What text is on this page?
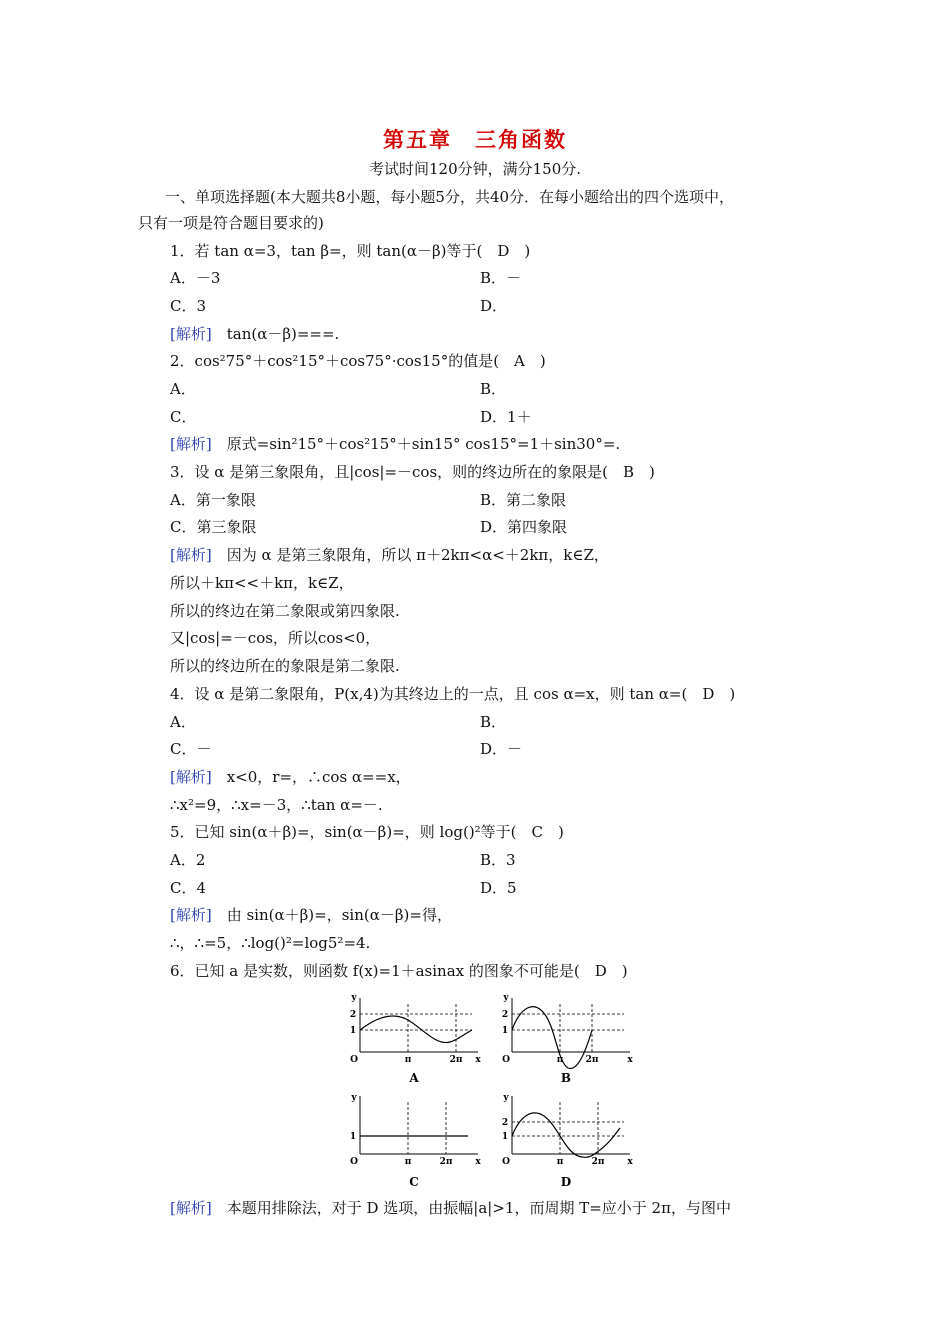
第五章　三角函数
考试时间120分钟，满分150分.
一、单项选择题(本大题共8小题，每小题5分，共40分．在每小题给出的四个选项中，
只有一项是符合题目要求的)
1．若 tan α=3，tan β=，则 tan(α－β)等于(　D　)
A．－3	B．－
C．3	D．
[解析]　tan(α－β)===.
2．cos²75°＋cos²15°＋cos75°·cos15°的值是(　A　)
A．	B．
C．	D．1＋
[解析]　原式=sin²15°＋cos²15°＋sin15° cos15°=1＋sin30°=.
3．设 α 是第三象限角，且|cos|=－cos，则的终边所在的象限是(　B　)
A．第一象限	B．第二象限
C．第三象限	D．第四象限
[解析]　因为 α 是第三象限角，所以 π＋2kπ<α<＋2kπ，k∈Z，
所以＋kπ<<＋kπ，k∈Z，
所以的终边在第二象限或第四象限.
又|cos|=－cos，所以cos<0，
所以的终边所在的象限是第二象限.
4．设 α 是第二象限角，P(x,4)为其终边上的一点，且 cos α=x，则 tan α=(　D　)
A．	B．
C．－	D．－
[解析]　x<0，r=，∴cos α==x，
∴x²=9，∴x=－3，∴tan α=－.
5．已知 sin(α＋β)=，sin(α－β)=，则 log()²等于(　C　)
A．2	B．3
C．4	D．5
[解析]　由 sin(α＋β)=，sin(α－β)=得，
∴，∴=5，∴log()²=log5²=4.
6．已知 a 是实数，则函数 f(x)=1＋asinax 的图象不可能是(　D　)
[解析]　本题用排除法，对于 D 选项，由振幅|a|>1，而周期 T=应小于 2π，与图中
y
x
O
2
1
π	2π
A
y
x
O
2
1
π 2π
B
y
x
O
1
π	2π
C
y
x
O
2
1
π	2π
D
